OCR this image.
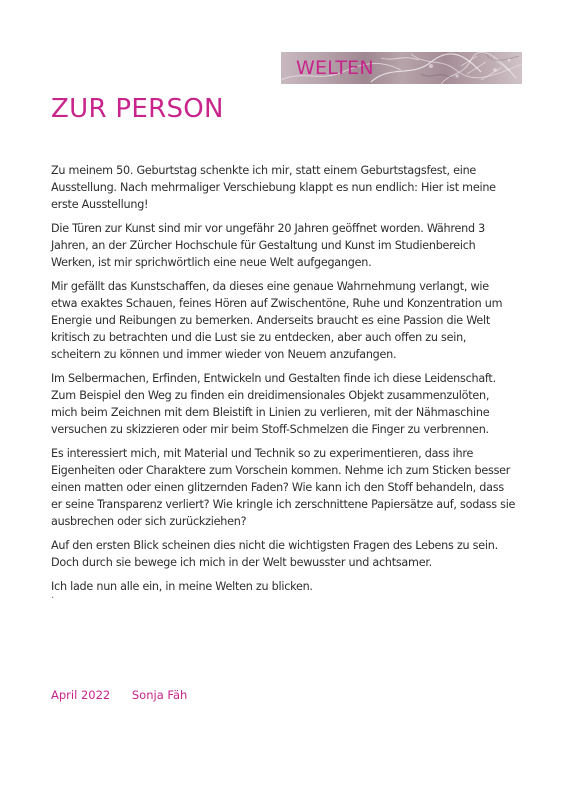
WELTEN
ZUR PERSON

Zu meinem 50. Geburtstag schenkte ich mir, statt einem Geburtstagsfest, eine Ausstellung. Nach mehrmaliger Verschiebung klappt es nun endlich: Hier ist meine erste Ausstellung!

Die Türen zur Kunst sind mir vor ungefähr 20 Jahren geöffnet worden. Während 3 Jahren, an der Zürcher Hochschule für Gestaltung und Kunst im Studienbereich Werken, ist mir sprichwörtlich eine neue Welt aufgegangen.

Mir gefällt das Kunstschaffen, da dieses eine genaue Wahrnehmung verlangt, wie etwa exaktes Schauen, feines Hören auf Zwischentöne, Ruhe und Konzentration um Energie und Reibungen zu bemerken. Anderseits braucht es eine Passion die Welt kritisch zu betrachten und die Lust sie zu entdecken, aber auch offen zu sein, scheitern zu können und immer wieder von Neuem anzufangen.

Im Selbermachen, Erfinden, Entwickeln und Gestalten finde ich diese Leidenschaft. Zum Beispiel den Weg zu finden ein dreidimensionales Objekt zusammenzulöten, mich beim Zeichnen mit dem Bleistift in Linien zu verlieren, mit der Nähmaschine versuchen zu skizzieren oder mir beim Stoff-Schmelzen die Finger zu verbrennen.

Es interessiert mich, mit Material und Technik so zu experimentieren, dass ihre Eigenheiten oder Charaktere zum Vorschein kommen. Nehme ich zum Sticken besser einen matten oder einen glitzernden Faden? Wie kann ich den Stoff behandeln, dass er seine Transparenz verliert? Wie kringle ich zerschnittene Papiersätze auf, sodass sie ausbrechen oder sich zurückziehen?

Auf den ersten Blick scheinen dies nicht die wichtigsten Fragen des Lebens zu sein. Doch durch sie bewege ich mich in der Welt bewusster und achtsamer.

Ich lade nun alle ein, in meine Welten zu blicken.

.
April 2022 Sonja Fäh
